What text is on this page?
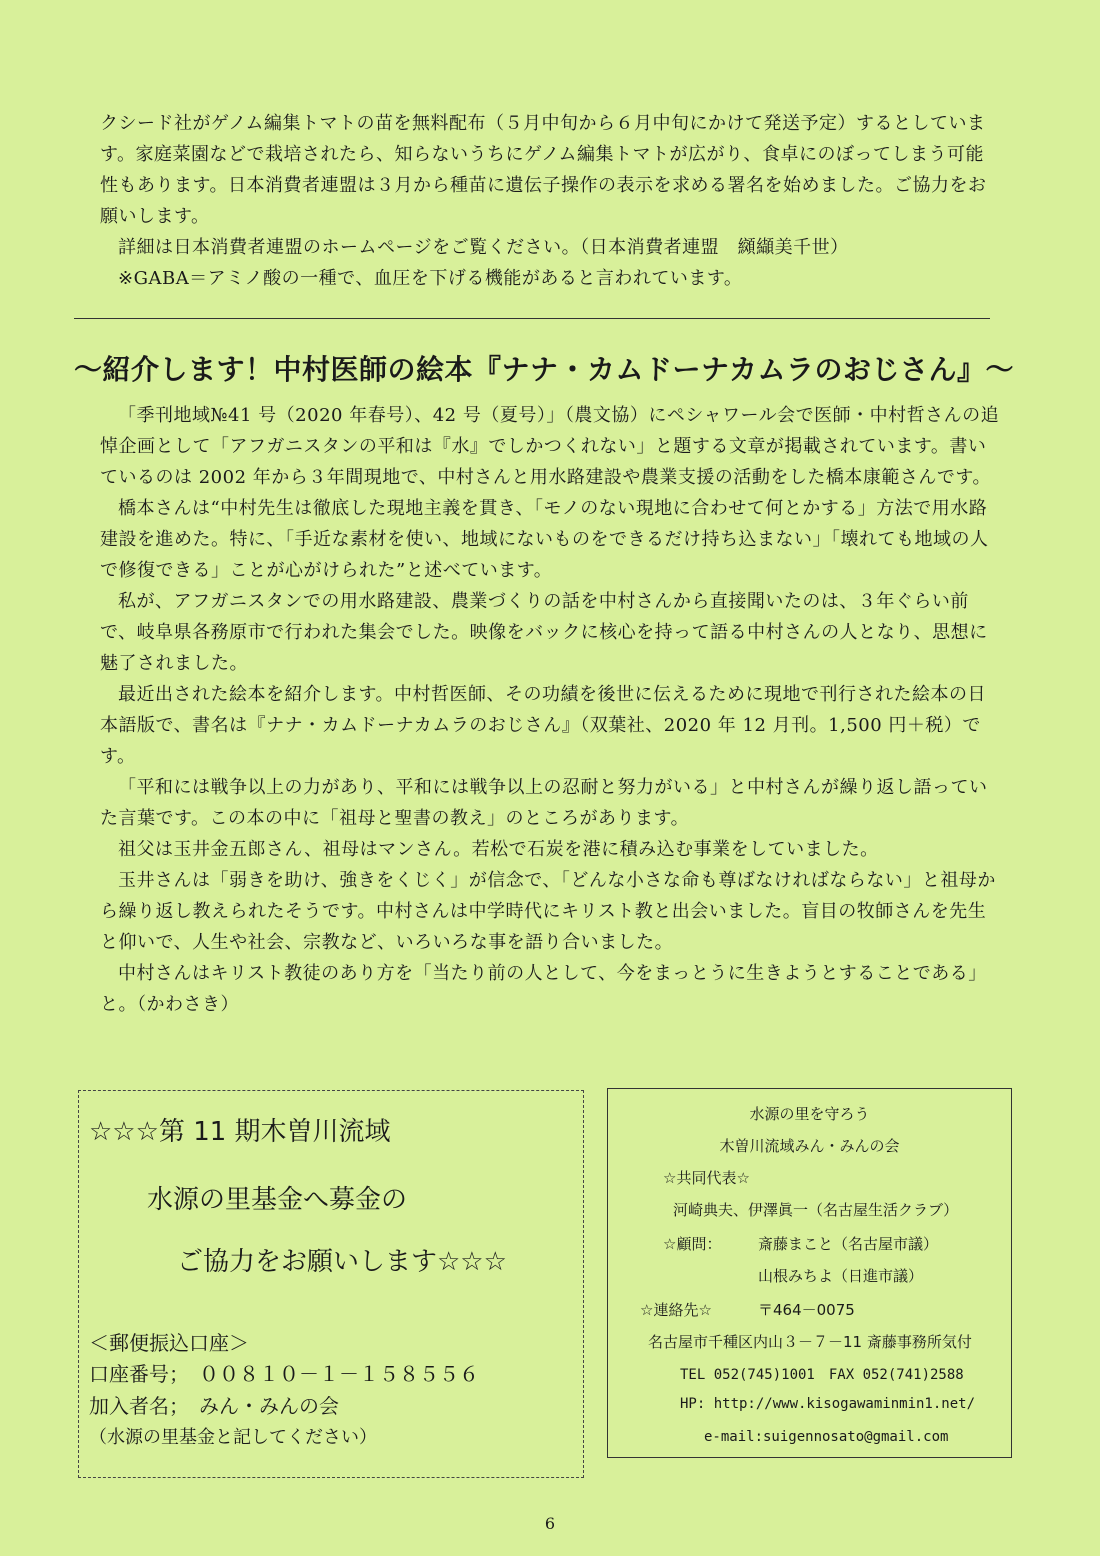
クシード社がゲノム編集トマトの苗を無料配布（５月中旬から６月中旬にかけて発送予定）するとしています。家庭菜園などで栽培されたら、知らないうちにゲノム編集トマトが広がり、食卓にのぼってしまう可能性もあります。日本消費者連盟は３月から種苗に遺伝子操作の表示を求める署名を始めました。ご協力をお願いします。

詳細は日本消費者連盟のホームページをご覧ください。（日本消費者連盟　纐纈美千世）

※GABA＝アミノ酸の一種で、血圧を下げる機能があると言われています。

～紹介します！中村医師の絵本『ナナ・カムドーナカムラのおじさん』～

「季刊地域№41 号（2020 年春号）、42 号（夏号）」（農文協）にペシャワール会で医師・中村哲さんの追悼企画として「アフガニスタンの平和は『水』でしかつくれない」と題する文章が掲載されています。書いているのは 2002 年から３年間現地で、中村さんと用水路建設や農業支援の活動をした橋本康範さんです。

橋本さんは“中村先生は徹底した現地主義を貫き、「モノのない現地に合わせて何とかする」方法で用水路建設を進めた。特に、「手近な素材を使い、地域にないものをできるだけ持ち込まない」「壊れても地域の人で修復できる」ことが心がけられた”と述べています。

私が、アフガニスタンでの用水路建設、農業づくりの話を中村さんから直接聞いたのは、３年ぐらい前で、岐阜県各務原市で行われた集会でした。映像をバックに核心を持って語る中村さんの人となり、思想に魅了されました。

最近出された絵本を紹介します。中村哲医師、その功績を後世に伝えるために現地で刊行された絵本の日本語版で、書名は『ナナ・カムドーナカムラのおじさん』（双葉社、2020 年 12 月刊。1,500 円＋税）です。

「平和には戦争以上の力があり、平和には戦争以上の忍耐と努力がいる」と中村さんが繰り返し語っていた言葉です。この本の中に「祖母と聖書の教え」のところがあります。

祖父は玉井金五郎さん、祖母はマンさん。若松で石炭を港に積み込む事業をしていました。

玉井さんは「弱きを助け、強きをくじく」が信念で、「どんな小さな命も尊ばなければならない」と祖母から繰り返し教えられたそうです。中村さんは中学時代にキリスト教と出会いました。盲目の牧師さんを先生と仰いで、人生や社会、宗教など、いろいろな事を語り合いました。

中村さんはキリスト教徒のあり方を「当たり前の人として、今をまっとうに生きようとすることである」と。（かわさき）

☆☆☆第 11 期木曽川流域
水源の里基金へ募金の
ご協力をお願いします☆☆☆
＜郵便振込口座＞
口座番号；　００８１０－１－１５８５５６
加入者名；　みん・みんの会
（水源の里基金と記してください）
水源の里を守ろう
木曽川流域みん・みんの会
☆共同代表☆
河崎典夫、伊澤眞一（名古屋生活クラブ）
☆顧問： 斎藤まこと（名古屋市議）
山根みちよ（日進市議）
☆連絡先☆	〒464－0075
名古屋市千種区内山３－７－11 斎藤事務所気付
TEL 052(745)1001　FAX 052(741)2588
HP: http://www.kisogawaminmin1.net/
e-mail:suigennosato@gmail.com
6
